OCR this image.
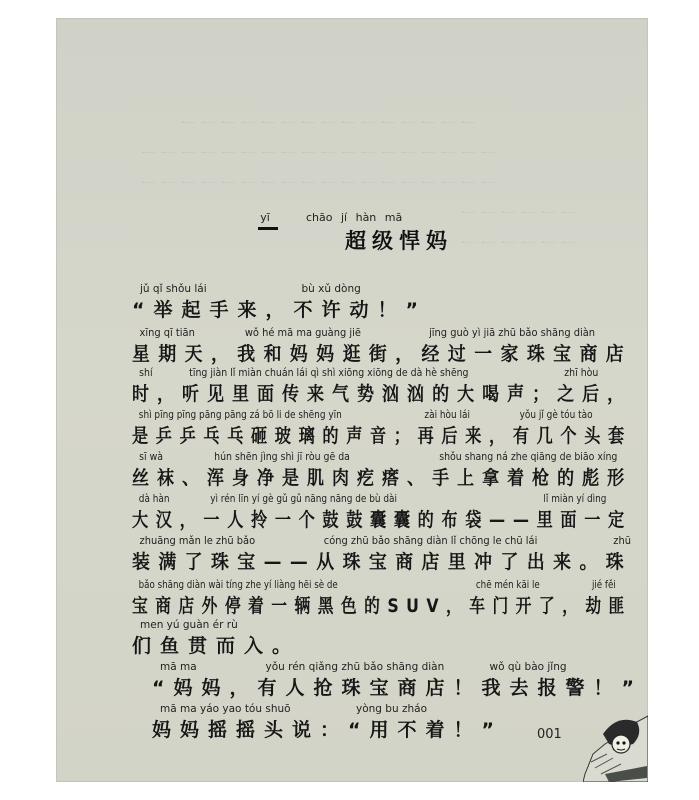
一一一一一一一一一一一一一一一
一一一一一一一一一一一一一一一一一一
一一一一一一一一一一一一一一一一一一
一一一一一一
一一一一一一
yī	chāo jí hàn mā
超级悍妈
jǔ qǐ shǒu lái
“举起手来，
bù xǔ dòng
不许动！”
xīng qī tiān
星期天，
wǒ hé mā ma guàng jiē
我和妈妈逛街，
jīng guò yì jiā zhū bǎo shāng diàn
经过一家珠宝商店
shí
时，
tīng jiàn lǐ miàn chuán lái qì shì xiōng xiōng de dà hè shēng
听见里面传来气势汹汹的大喝声；
zhī hòu
之后，
shì pīng pīng pāng pāng zá bō li de shēng yīn
是乒乒乓乓砸玻璃的声音；
zài hòu lái
再后来，
yǒu jǐ gè tóu tào
有几个头套
sī wà
丝袜、
hún shēn jìng shì jī ròu gē da
浑身净是肌肉疙瘩、
shǒu shang ná zhe qiāng de biāo xíng
手上拿着枪的彪形
dà hàn
大汉，
yì rén līn yí gè gǔ gǔ nāng nāng de bù dài
一人拎一个鼓鼓囊囊的布袋——
lǐ miàn yí dìng
里面一定
zhuāng mǎn le zhū bǎo
装满了珠宝——
cóng zhū bǎo shāng diàn lǐ chōng le chū lái
从珠宝商店里冲了出来。
zhū
珠
bǎo shāng diàn wài tíng zhe yí liàng hēi sè de
宝商店外停着一辆黑色的SUV，
chē mén kāi le
车门开了，
jié fěi
劫匪
men yú guàn ér rù
们鱼贯而入。
mā ma
“妈妈，
yǒu rén qiǎng zhū bǎo shāng diàn
有人抢珠宝商店！
wǒ qù bào jǐng
我去报警！”
mā ma yáo yao tóu shuō
妈妈摇摇头说：
yòng bu zháo
“用不着！”	001
